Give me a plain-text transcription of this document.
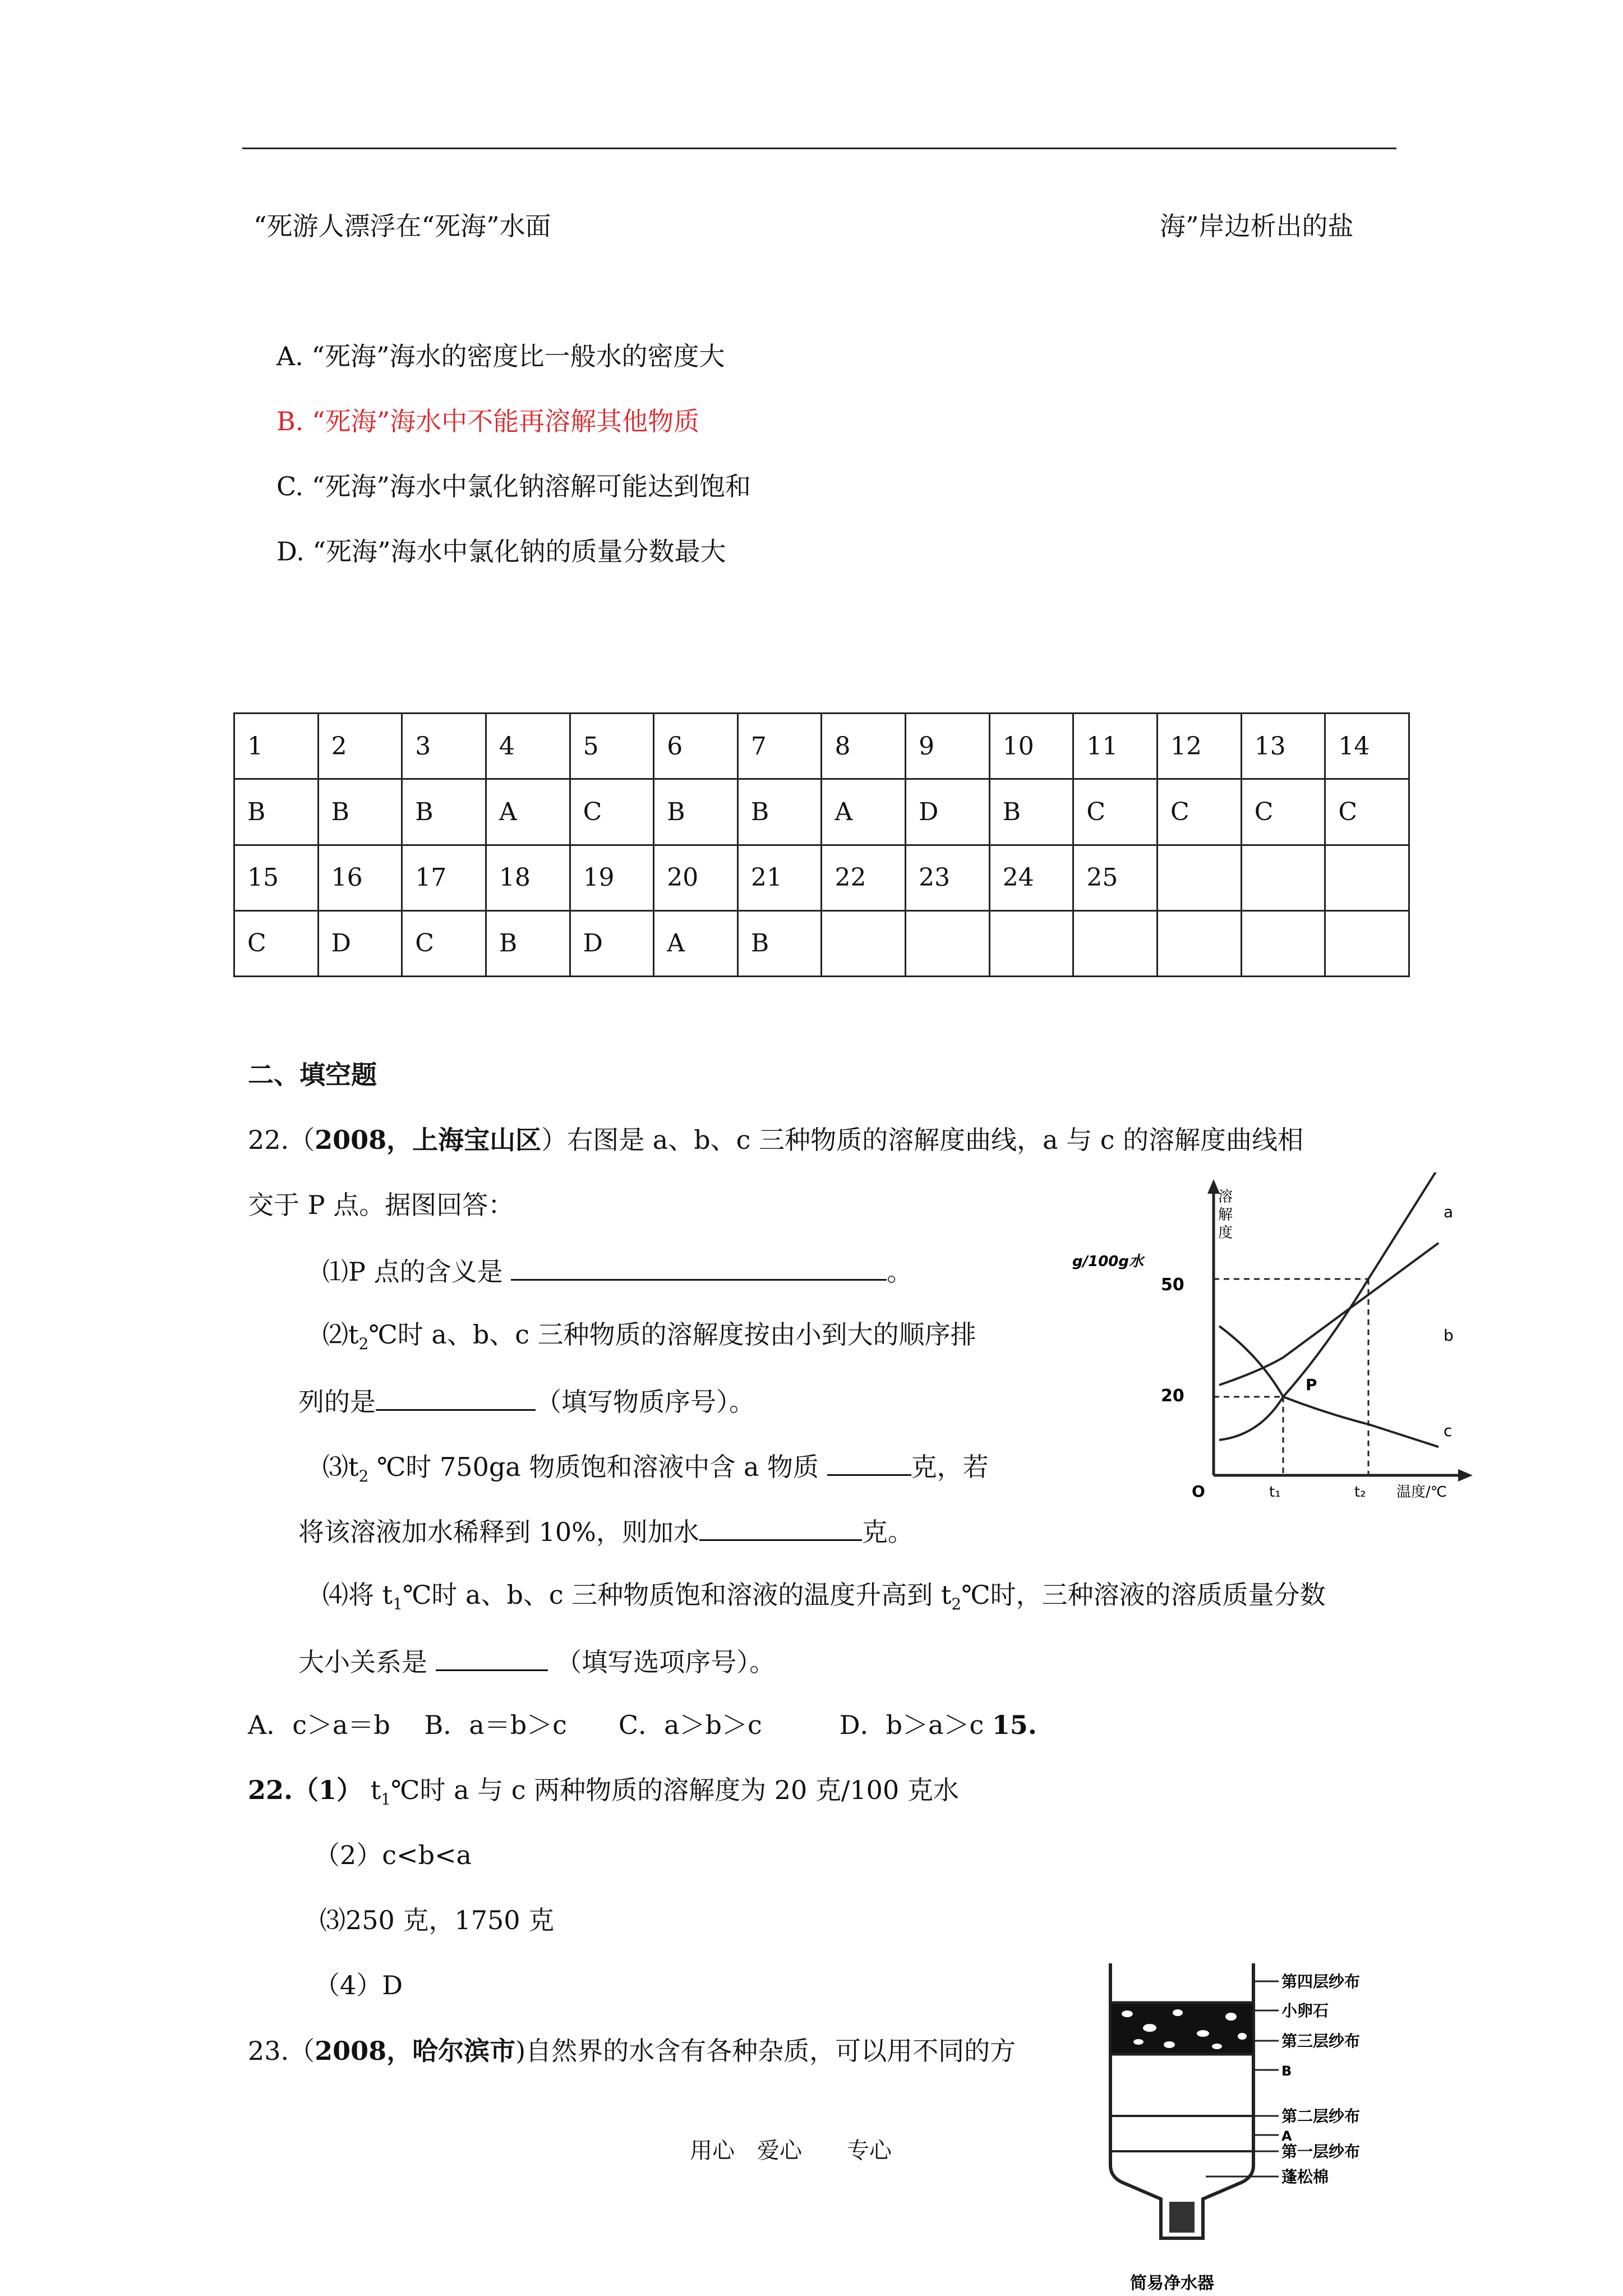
“死游人漂浮在“死海”水面	海”岸边析出的盐
A. “死海”海水的密度比一般水的密度大
B. “死海”海水中不能再溶解其他物质
C. “死海”海水中氯化钠溶解可能达到饱和
D. “死海”海水中氯化钠的质量分数最大
1	2	3	4	5	6	7	8	9	10	11	12	13	14
B	B	B	A	C	B	B	A	D	B	C	C	C	C
15	16	17	18	19	20	21	22	23	24	25			
C	D	C	B	D	A	B							
二、填空题
22.（2008，上海宝山区）右图是 a、b、c 三种物质的溶解度曲线，a 与 c 的溶解度曲线相
交于 P 点。据图回答：
⑴P 点的含义是	。
$⑵t_2℃$时 a、b、c 三种物质的溶解度按由小到大的顺序排
列的是	（填写物质序号）。
$⑶t_2$ ℃时 750ga 物质饱和溶液中含 a 物质	克，若
将该溶液加水稀释到 10%，则加水	克。
⑷将 $t_1℃$时 a、b、c 三种物质饱和溶液的温度升高到 $t_2℃$时，三种溶液的溶质质量分数
大小关系是	（填写选项序号）。
A．c＞a＝b　 B．a＝b＞c　　C．a＞b＞c　　　D．b＞a＞c 15.
22.（1） $t_1℃$时 a 与 c 两种物质的溶解度为 20 克/100 克水
（2）c<b<a
⑶250 克，1750 克
（4）D
23.（2008，哈尔滨市)自然界的水含有各种杂质，可以用不同的方
用心　爱心　　专心
溶
解
度
g/100g水
50
20
O	t₁	t₂ 温度/℃
a
b
c
P
第四层纱布
小卵石
第三层纱布
B
第二层纱布
A
第一层纱布
蓬松棉
简易净水器
